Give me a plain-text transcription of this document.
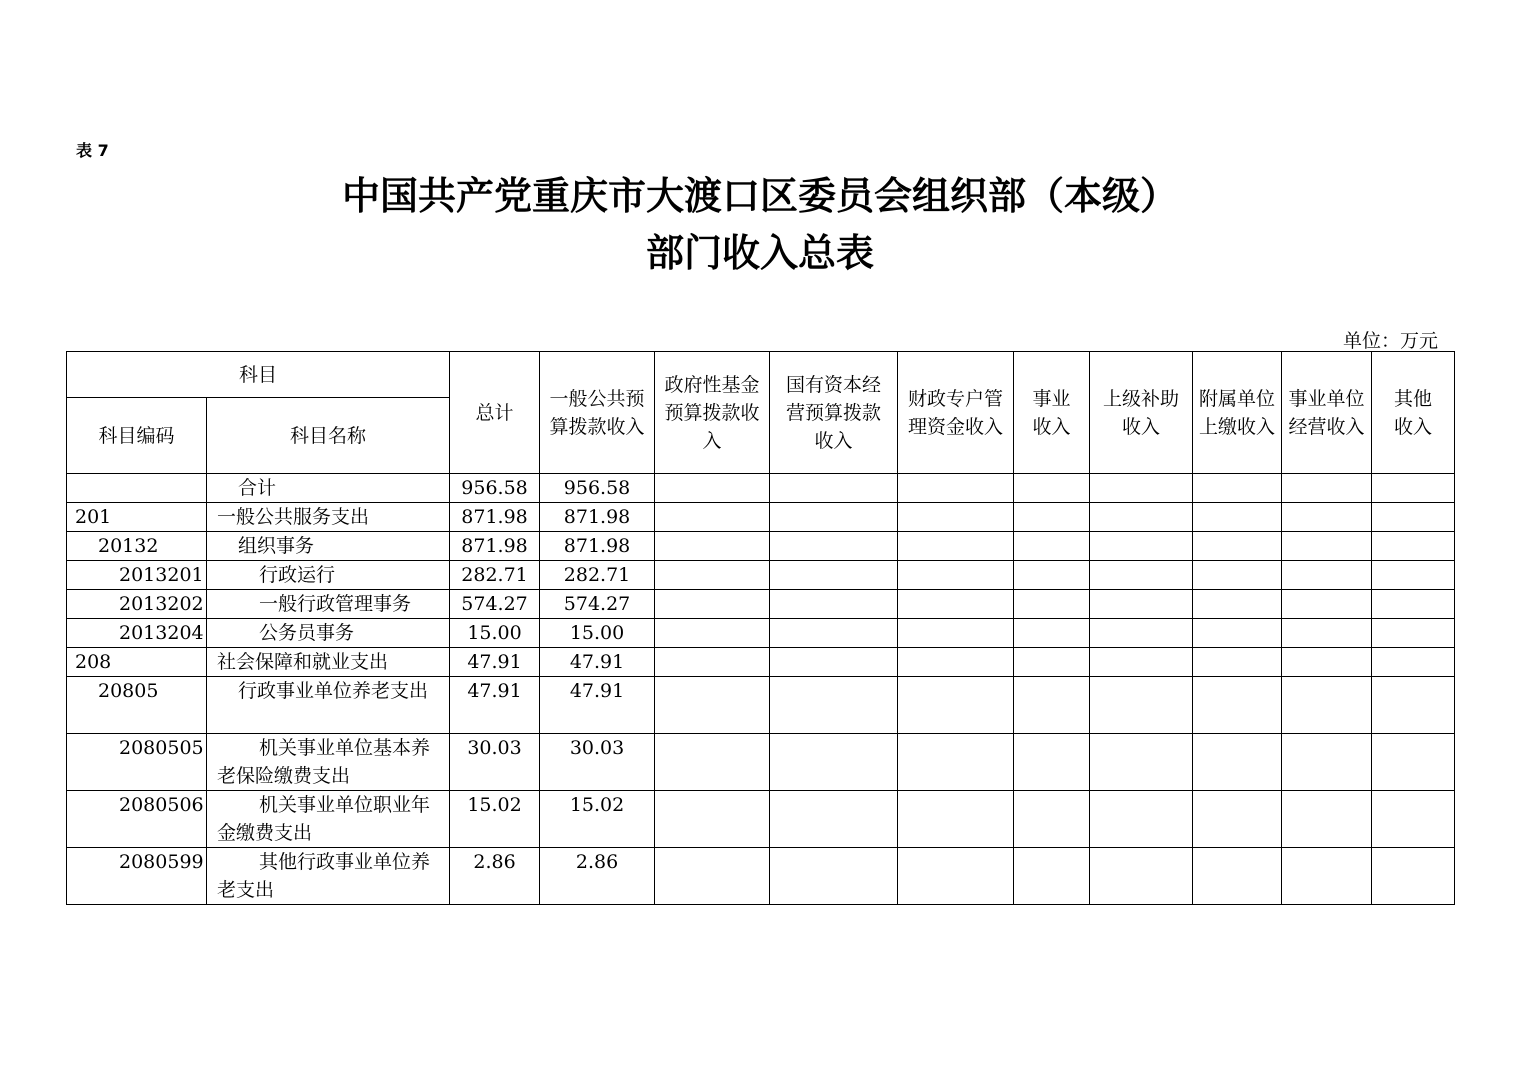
表 7
中国共产党重庆市大渡口区委员会组织部（本级）
部门收入总表
单位：万元
科目		总计	一般公共预算拨款收入	政府性基金预算拨款收入	国有资本经营预算拨款收入	财政专户管理资金收入	事业收入	上级补助收入	附属单位上缴收入	事业单位经营收入	其他收入

科目编码	科目名称										
	合计	956.58	956.58								
201	一般公共服务支出	871.98	871.98								
20132	组织事务	871.98	871.98								
2013201	行政运行	282.71	282.71								
2013202	一般行政管理事务	574.27	574.27								
2013204	公务员事务	15.00	15.00								
208	社会保障和就业支出	47.91	47.91								
20805	行政事业单位养老支出	47.91	47.91								
2080505	机关事业单位基本养老保险缴费支出	30.03	30.03								
2080506	机关事业单位职业年金缴费支出	15.02	15.02								
2080599	其他行政事业单位养老支出	2.86	2.86								
